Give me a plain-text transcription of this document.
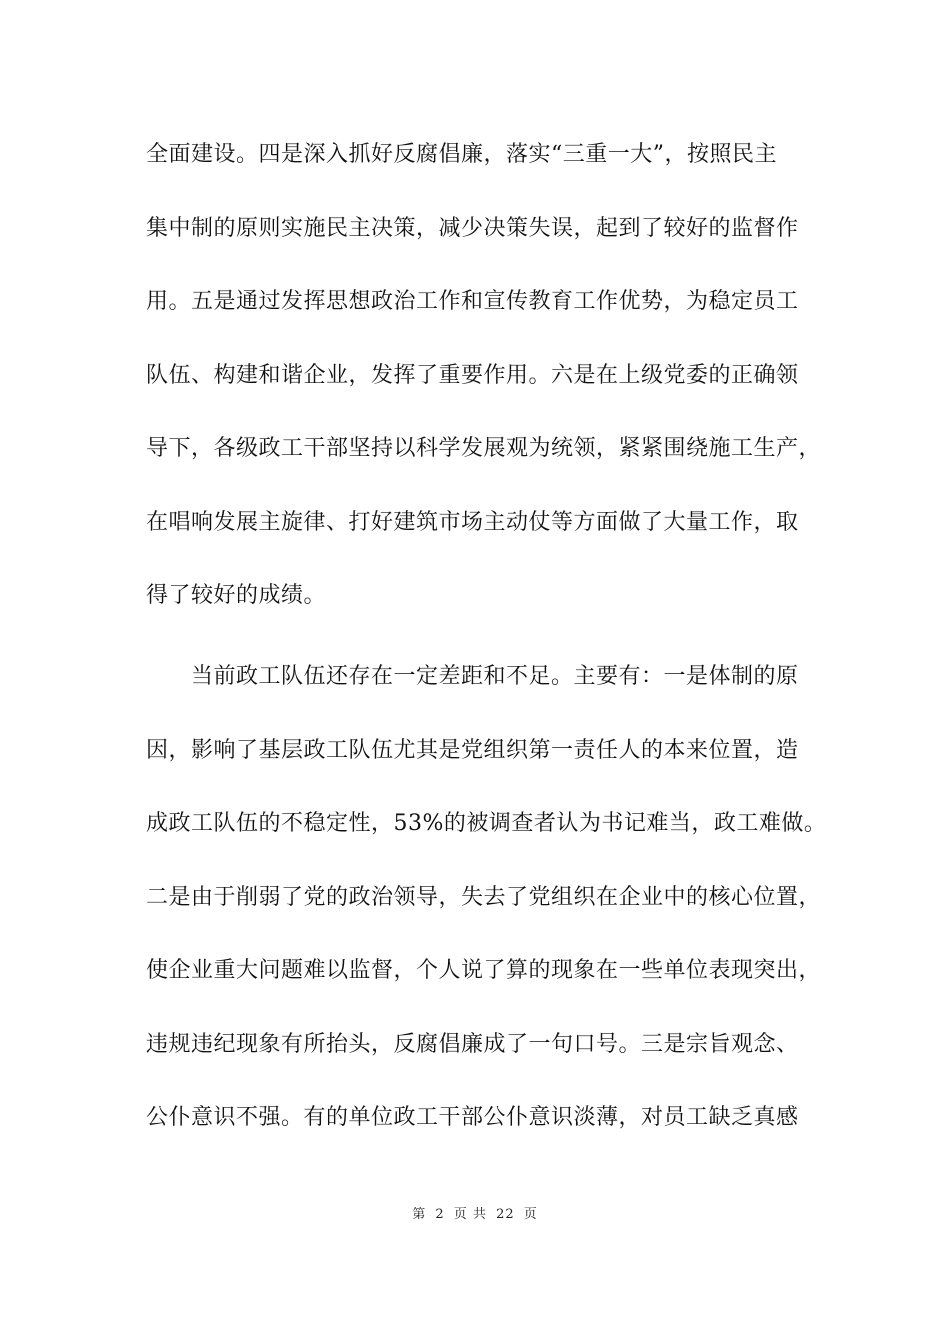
全面建设。四是深入抓好反腐倡廉，落实“三重一大”，按照民主
集中制的原则实施民主决策，减少决策失误，起到了较好的监督作
用。五是通过发挥思想政治工作和宣传教育工作优势，为稳定员工
队伍、构建和谐企业，发挥了重要作用。六是在上级党委的正确领
导下，各级政工干部坚持以科学发展观为统领，紧紧围绕施工生产，
在唱响发展主旋律、打好建筑市场主动仗等方面做了大量工作，取
得了较好的成绩。
　　当前政工队伍还存在一定差距和不足。主要有：一是体制的原
因，影响了基层政工队伍尤其是党组织第一责任人的本来位置，造
成政工队伍的不稳定性，53%的被调查者认为书记难当，政工难做。
二是由于削弱了党的政治领导，失去了党组织在企业中的核心位置，
使企业重大问题难以监督，个人说了算的现象在一些单位表现突出，
违规违纪现象有所抬头，反腐倡廉成了一句口号。三是宗旨观念、
公仆意识不强。有的单位政工干部公仆意识淡薄，对员工缺乏真感
第 2 页 共 22 页
